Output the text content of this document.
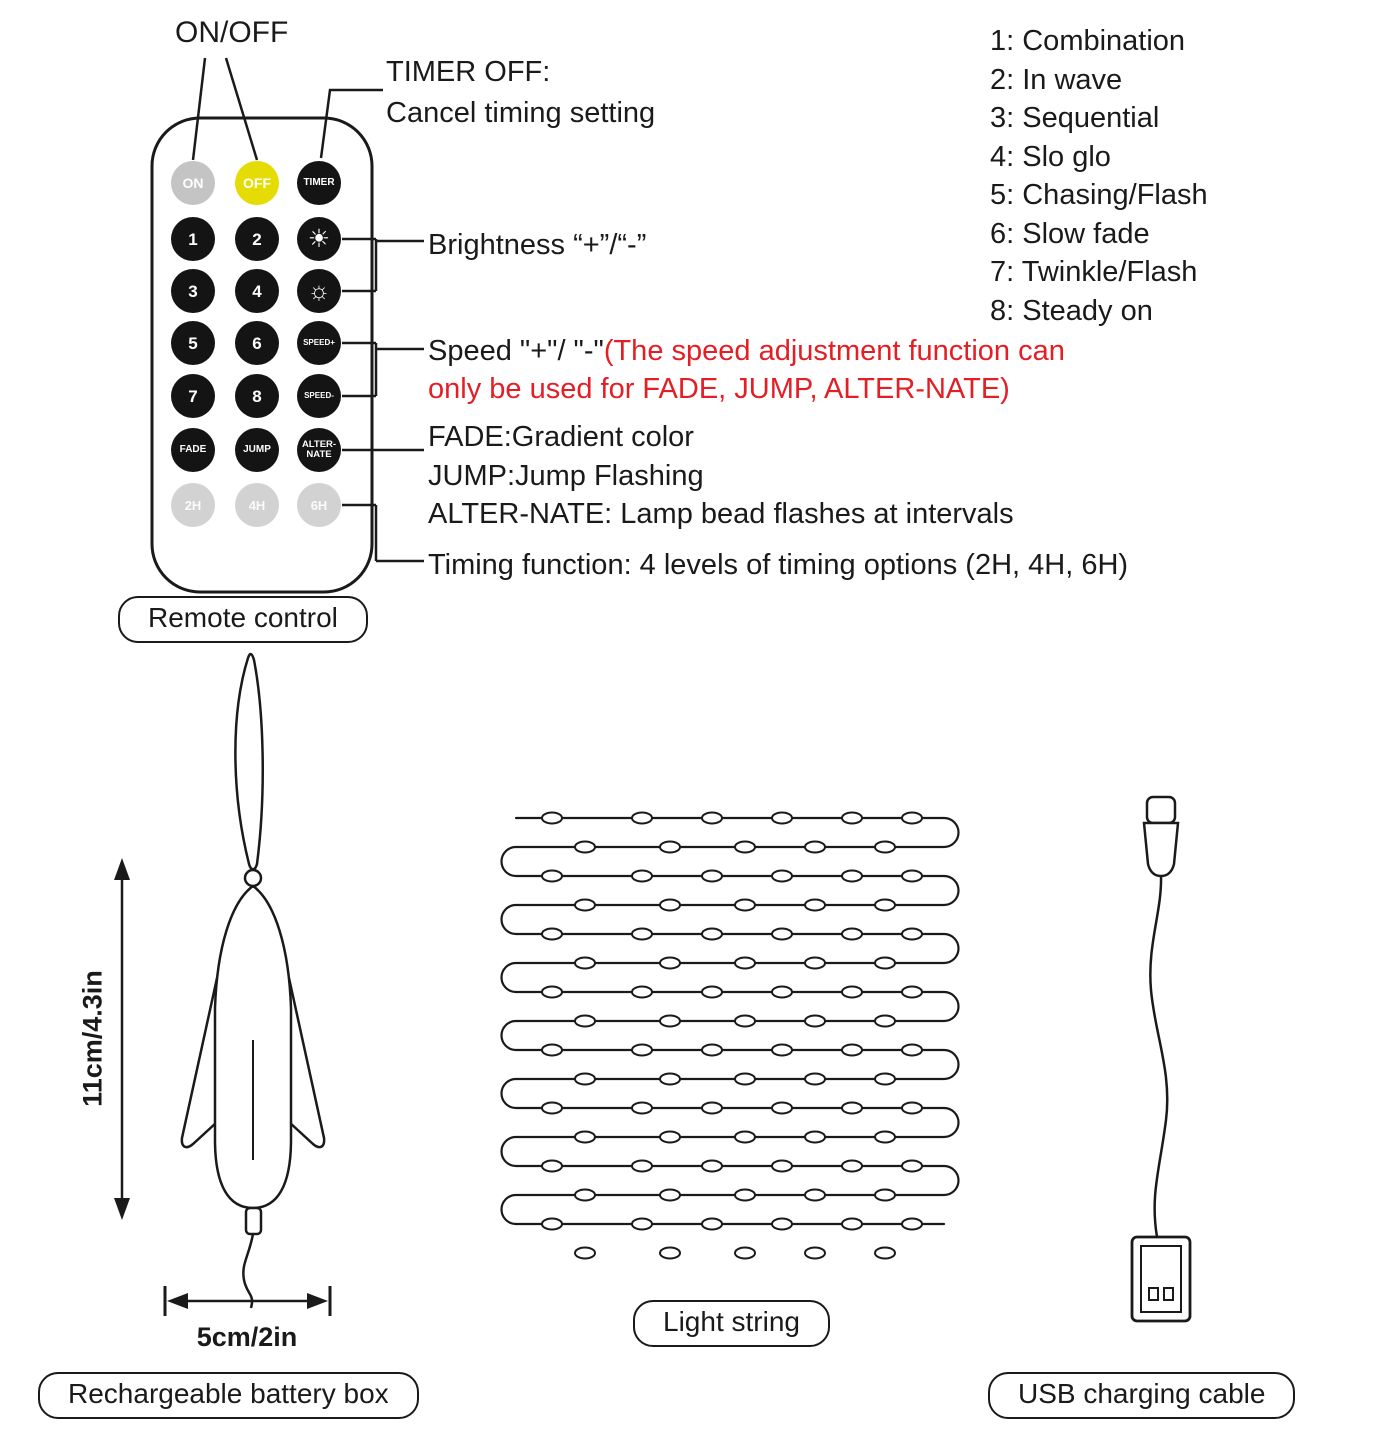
ON	OFF	TIMER
1	2	☀
3	4	☼
5	6	SPEED+
7	8	SPEED-
FADE	JUMP	ALTER-NATE
2H	4H	6H
ON/OFF
TIMER OFF:
Cancel timing setting
Brightness “+”/“-”
Speed "+"/ "-"(The speed adjustment function can
only be used for FADE, JUMP, ALTER-NATE)
FADE:Gradient color
JUMP:Jump Flashing
ALTER-NATE: Lamp bead flashes at intervals
Timing function: 4 levels of timing options (2H, 4H, 6H)
1: Combination
2: In wave
3: Sequential
4: Slo glo
5: Chasing/Flash
6: Slow fade
7: Twinkle/Flash
8: Steady on
Remote control
Rechargeable battery box
Light string
USB charging cable
11cm/4.3in
5cm/2in
